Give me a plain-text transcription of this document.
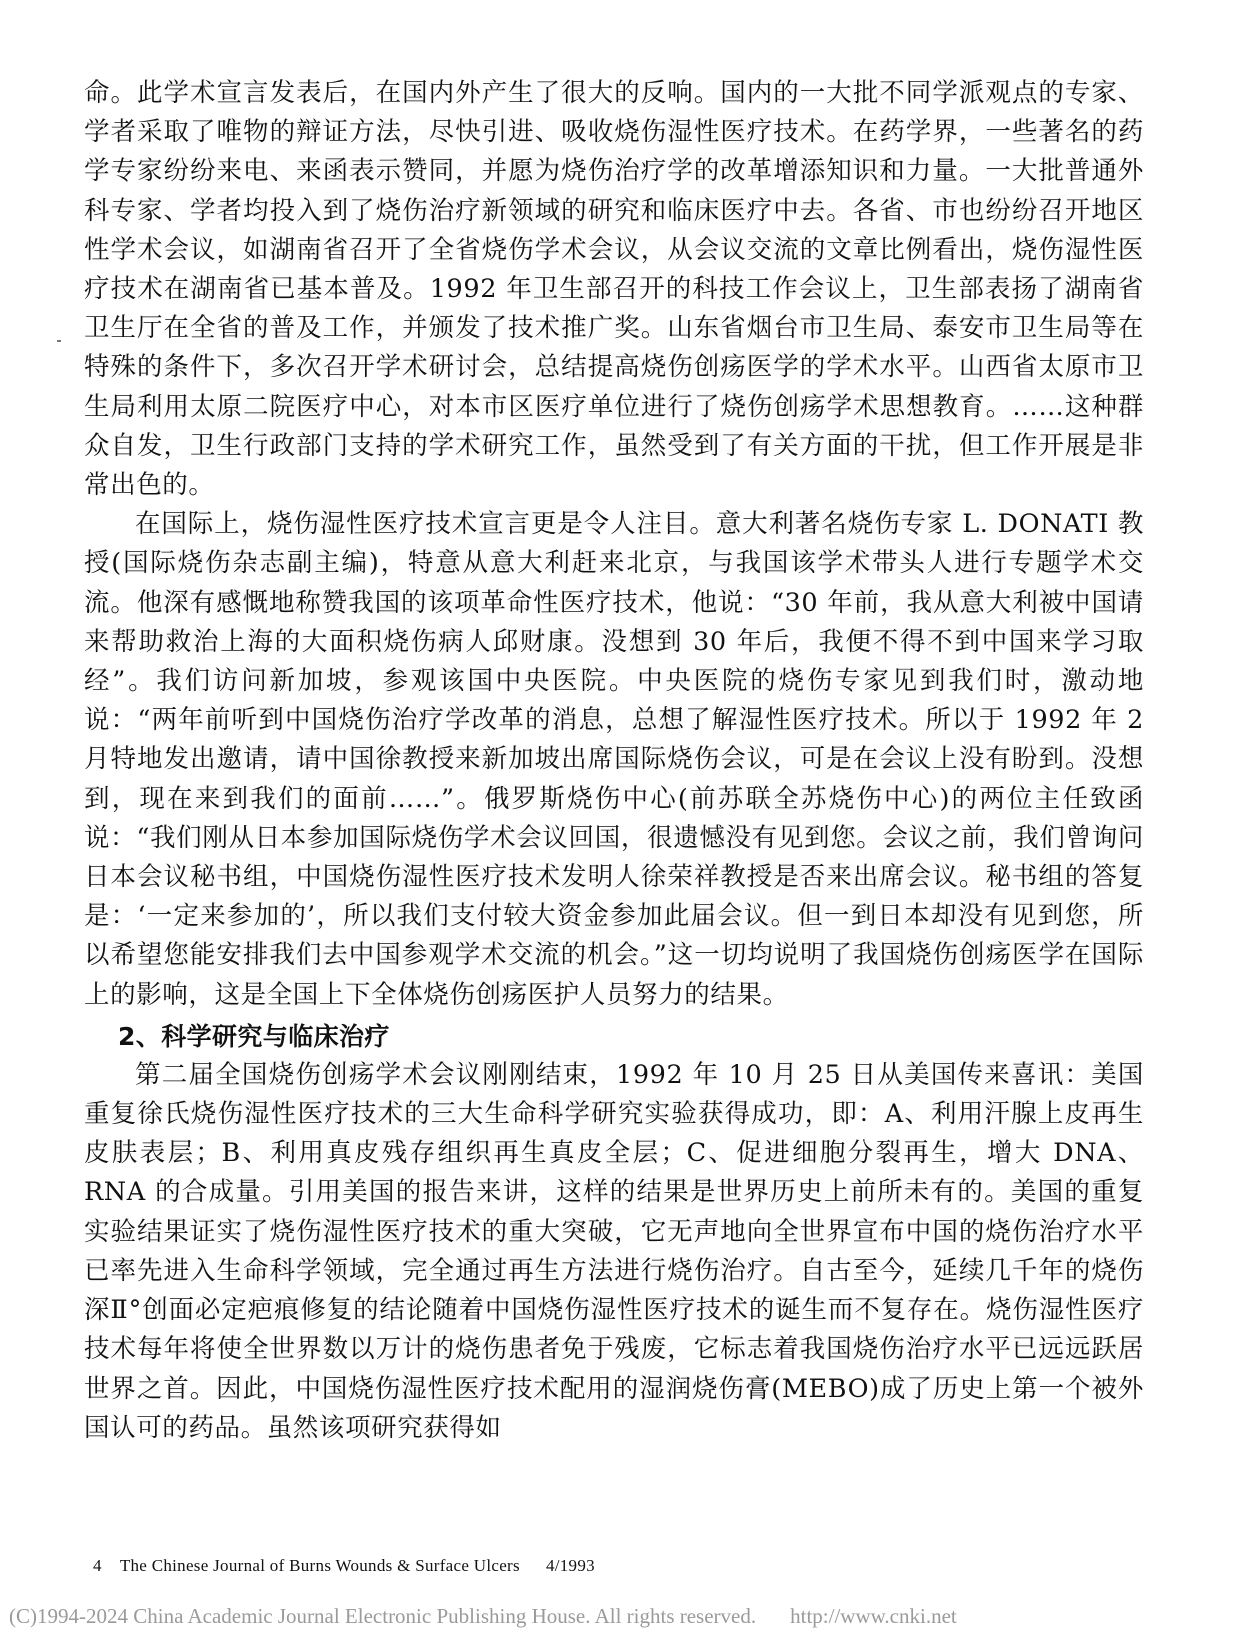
命。此学术宣言发表后，在国内外产生了很大的反响。国内的一大批不同学派观点的专家、学者采取了唯物的辩证方法，尽快引进、吸收烧伤湿性医疗技术。在药学界，一些著名的药学专家纷纷来电、来函表示赞同，并愿为烧伤治疗学的改革增添知识和力量。一大批普通外科专家、学者均投入到了烧伤治疗新领域的研究和临床医疗中去。各省、市也纷纷召开地区性学术会议，如湖南省召开了全省烧伤学术会议，从会议交流的文章比例看出，烧伤湿性医疗技术在湖南省已基本普及。1992 年卫生部召开的科技工作会议上，卫生部表扬了湖南省卫生厅在全省的普及工作，并颁发了技术推广奖。山东省烟台市卫生局、泰安市卫生局等在特殊的条件下，多次召开学术研讨会，总结提高烧伤创疡医学的学术水平。山西省太原市卫生局利用太原二院医疗中心，对本市区医疗单位进行了烧伤创疡学术思想教育。……这种群众自发，卫生行政部门支持的学术研究工作，虽然受到了有关方面的干扰，但工作开展是非常出色的。

在国际上，烧伤湿性医疗技术宣言更是令人注目。意大利著名烧伤专家 L. DONATI 教授(国际烧伤杂志副主编)，特意从意大利赶来北京，与我国该学术带头人进行专题学术交流。他深有感慨地称赞我国的该项革命性医疗技术，他说：“30 年前，我从意大利被中国请来帮助救治上海的大面积烧伤病人邱财康。没想到 30 年后，我便不得不到中国来学习取经”。我们访问新加坡，参观该国中央医院。中央医院的烧伤专家见到我们时，激动地说：“两年前听到中国烧伤治疗学改革的消息，总想了解湿性医疗技术。所以于 1992 年 2 月特地发出邀请，请中国徐教授来新加坡出席国际烧伤会议，可是在会议上没有盼到。没想到，现在来到我们的面前……”。俄罗斯烧伤中心(前苏联全苏烧伤中心)的两位主任致函说：“我们刚从日本参加国际烧伤学术会议回国，很遗憾没有见到您。会议之前，我们曾询问日本会议秘书组，中国烧伤湿性医疗技术发明人徐荣祥教授是否来出席会议。秘书组的答复是：‘一定来参加的’，所以我们支付较大资金参加此届会议。但一到日本却没有见到您，所以希望您能安排我们去中国参观学术交流的机会。”这一切均说明了我国烧伤创疡医学在国际上的影响，这是全国上下全体烧伤创疡医护人员努力的结果。

2、科学研究与临床治疗

第二届全国烧伤创疡学术会议刚刚结束，1992 年 10 月 25 日从美国传来喜讯：美国重复徐氏烧伤湿性医疗技术的三大生命科学研究实验获得成功，即：A、利用汗腺上皮再生皮肤表层；B、利用真皮残存组织再生真皮全层；C、促进细胞分裂再生，增大 DNA、RNA 的合成量。引用美国的报告来讲，这样的结果是世界历史上前所未有的。美国的重复实验结果证实了烧伤湿性医疗技术的重大突破，它无声地向全世界宣布中国的烧伤治疗水平已率先进入生命科学领域，完全通过再生方法进行烧伤治疗。自古至今，延续几千年的烧伤深Ⅱ°创面必定疤痕修复的结论随着中国烧伤湿性医疗技术的诞生而不复存在。烧伤湿性医疗技术每年将使全世界数以万计的烧伤患者免于残废，它标志着我国烧伤治疗水平已远远跃居世界之首。因此，中国烧伤湿性医疗技术配用的湿润烧伤膏(MEBO)成了历史上第一个被外国认可的药品。虽然该项研究获得如

4 The Chinese Journal of Burns Wounds & Surface Ulcers 4/1993
(C)1994-2024 China Academic Journal Electronic Publishing House. All rights reserved. http://www.cnki.net
